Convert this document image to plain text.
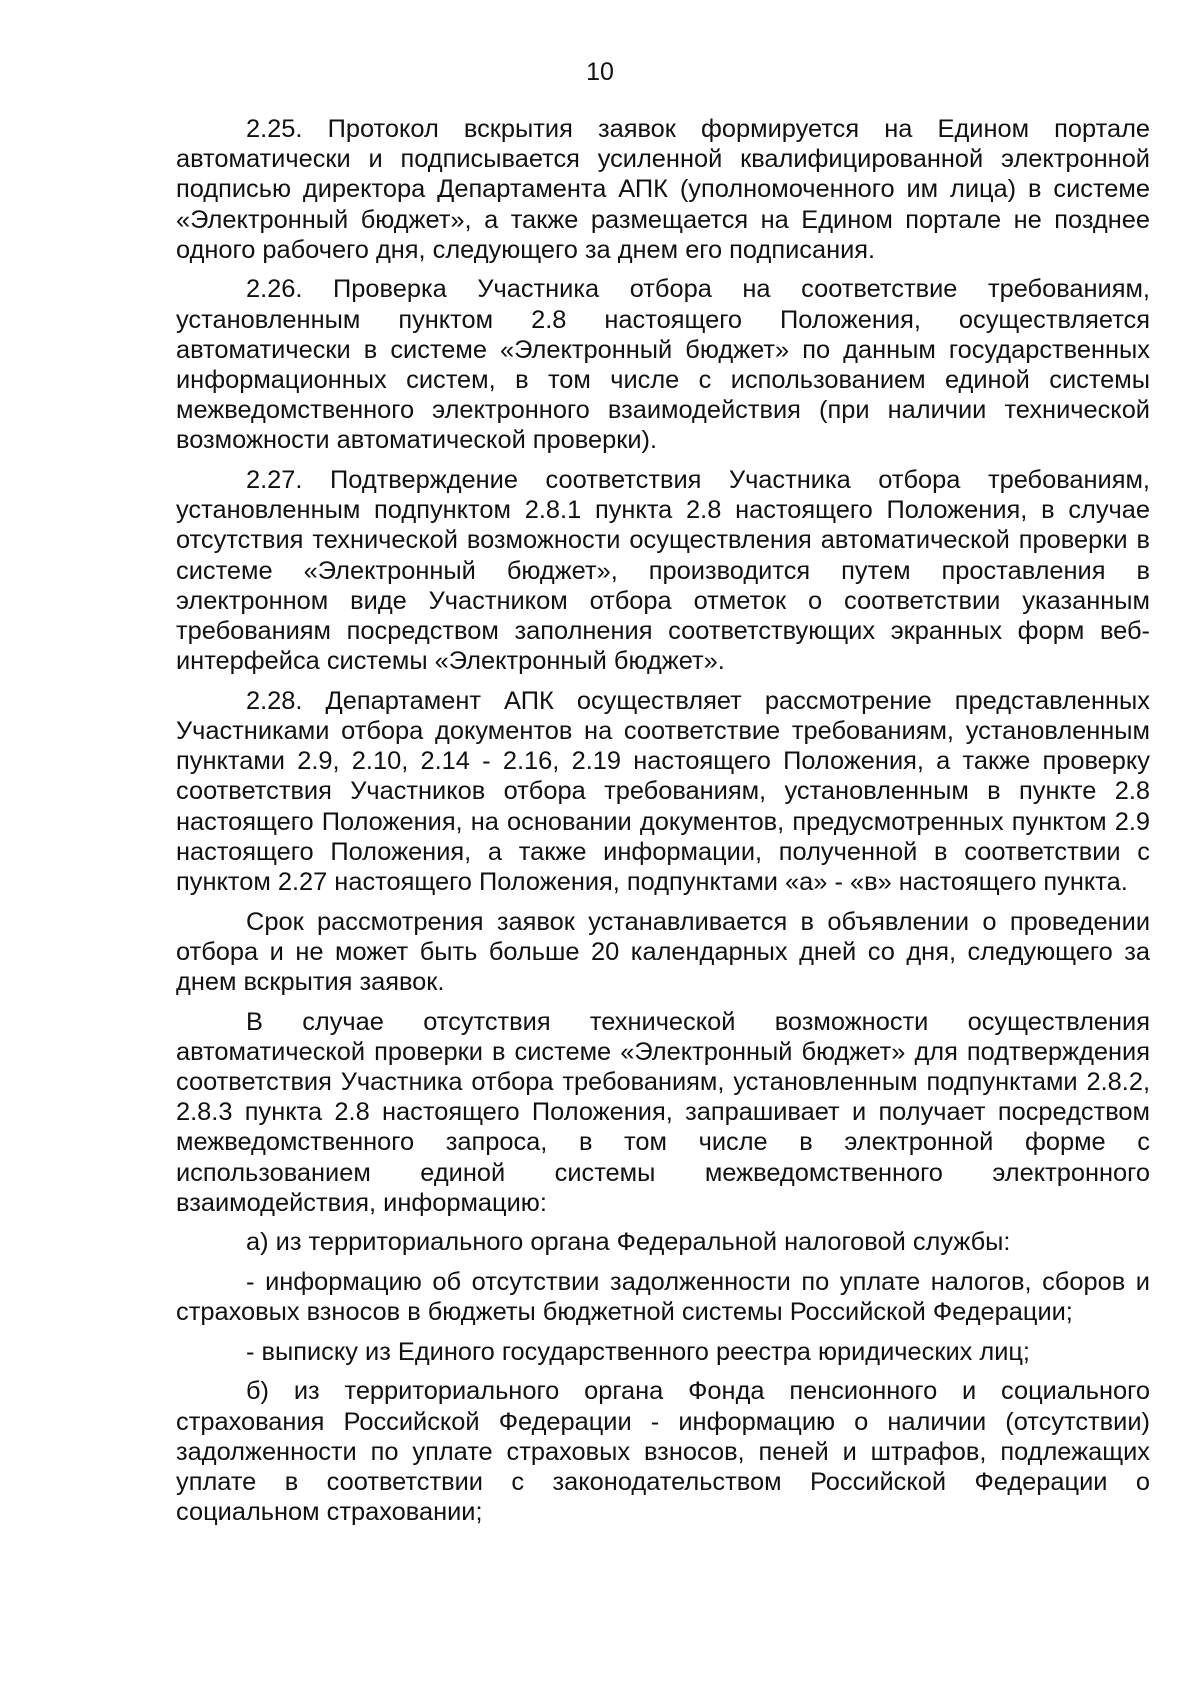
10

2.25. Протокол вскрытия заявок формируется на Едином портале автоматически и подписывается усиленной квалифицированной электронной подписью директора Департамента АПК (уполномоченного им лица) в системе «Электронный бюджет», а также размещается на Едином портале не позднее одного рабочего дня, следующего за днем его подписания.

2.26. Проверка Участника отбора на соответствие требованиям, установленным пунктом 2.8 настоящего Положения, осуществляется автоматически в системе «Электронный бюджет» по данным государственных информационных систем, в том числе с использованием единой системы межведомственного электронного взаимодействия (при наличии технической возможности автоматической проверки).

2.27. Подтверждение соответствия Участника отбора требованиям, установленным подпунктом 2.8.1 пункта 2.8 настоящего Положения, в случае отсутствия технической возможности осуществления автоматической проверки в системе «Электронный бюджет», производится путем проставления в электронном виде Участником отбора отметок о соответствии указанным требованиям посредством заполнения соответствующих экранных форм веб-интерфейса системы «Электронный бюджет».

2.28. Департамент АПК осуществляет рассмотрение представленных Участниками отбора документов на соответствие требованиям, установленным пунктами 2.9, 2.10, 2.14 - 2.16, 2.19 настоящего Положения, а также проверку соответствия Участников отбора требованиям, установленным в пункте 2.8 настоящего Положения, на основании документов, предусмотренных пунктом 2.9 настоящего Положения, а также информации, полученной в соответствии с пунктом 2.27 настоящего Положения, подпунктами «а» - «в» настоящего пункта.

Срок рассмотрения заявок устанавливается в объявлении о проведении отбора и не может быть больше 20 календарных дней со дня, следующего за днем вскрытия заявок.

В случае отсутствия технической возможности осуществления автоматической проверки в системе «Электронный бюджет» для подтверждения соответствия Участника отбора требованиям, установленным подпунктами 2.8.2, 2.8.3 пункта 2.8 настоящего Положения, запрашивает и получает посредством межведомственного запроса, в том числе в электронной форме с использованием единой системы межведомственного электронного взаимодействия, информацию:

а) из территориального органа Федеральной налоговой службы:

- информацию об отсутствии задолженности по уплате налогов, сборов и страховых взносов в бюджеты бюджетной системы Российской Федерации;

- выписку из Единого государственного реестра юридических лиц;

б) из территориального органа Фонда пенсионного и социального страхования Российской Федерации - информацию о наличии (отсутствии) задолженности по уплате страховых взносов, пеней и штрафов, подлежащих уплате в соответствии с законодательством Российской Федерации о социальном страховании;
